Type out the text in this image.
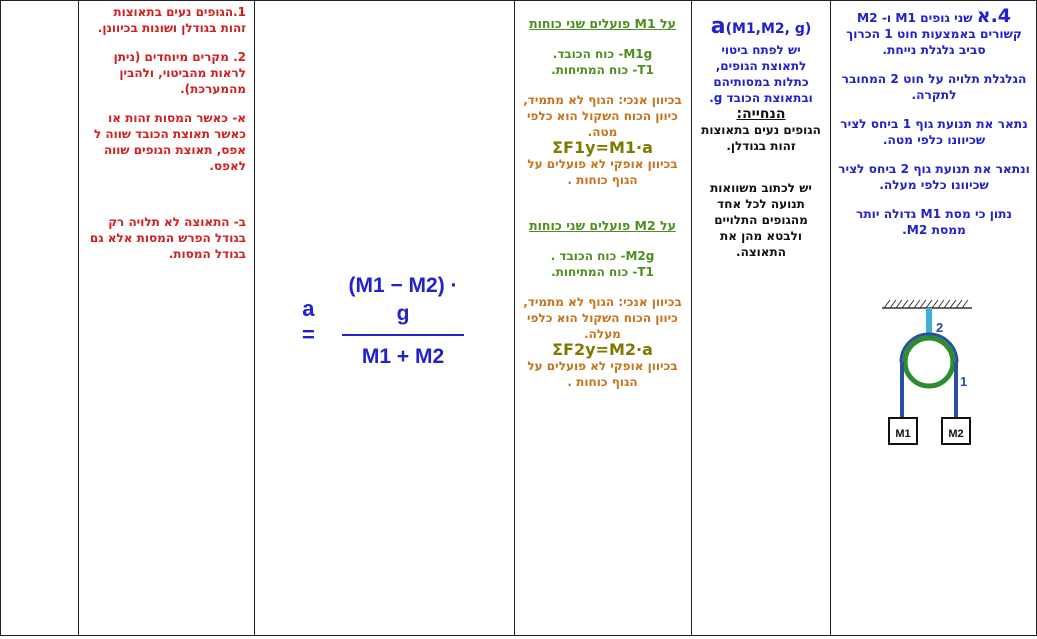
4.א שני גופים M1 ו- M2 קשורים באמצעות חוט 1 הכרוך סביב גלגלת נייחת.

הגלגלת תלויה על חוט 2 המחובר לתקרה.

נתאר את תנועת גוף 1 ביחס לציר שכיוונו כלפי מטה.

ונתאר את תנועת גוף 2 ביחס לציר שכיוונו כלפי מעלה.

נתון כי מסת M1 גדולה יותר ממסת M2.

M1	M2
2
1

a(M1,M2, g)

יש לפתח ביטוי לתאוצת הגופים, כתלות במסותיהם ובתאוצת הכובד g.

הנחייה:

הגופים נעים בתאוצות זהות בגודלן.

יש לכתוב משוואות תנועה לכל אחד מהגופים התלויים ולבטא מהן את התאוצה.

על M1 פועלים שני כוחות

M1g- כוח הכובד.

T1- כוח המתיחות.

בכיוון אנכי: הגוף לא מתמיד, כיוון הכוח השקול הוא כלפי מטה.

ΣF1y=M1·a

בכיוון אופקי לא פועלים על הגוף כוחות .

על M2 פועלים שני כוחות

M2g- כוח הכובד .

T1- כוח המתיחות.

בכיוון אנכי: הגוף לא מתמיד, כיוון הכוח השקול הוא כלפי מעלה.

ΣF2y=M2·a

בכיוון אופקי לא פועלים על הגוף כוחות .

a =
(M1 − M2) · g
M1 + M2

1.הגופים נעים בתאוצות זהות בגודלן ושונות בכיוונן.

2. מקרים מיוחדים (ניתן לראות מהביטוי, ולהבין מהמערכת).

א- כאשר המסות זהות או כאשר תאוצת הכובד שווה ל אפס, תאוצת הגופים שווה לאפס.

ב- התאוצה לא תלויה רק בגודל הפרש המסות אלא גם בגודל המסות.
